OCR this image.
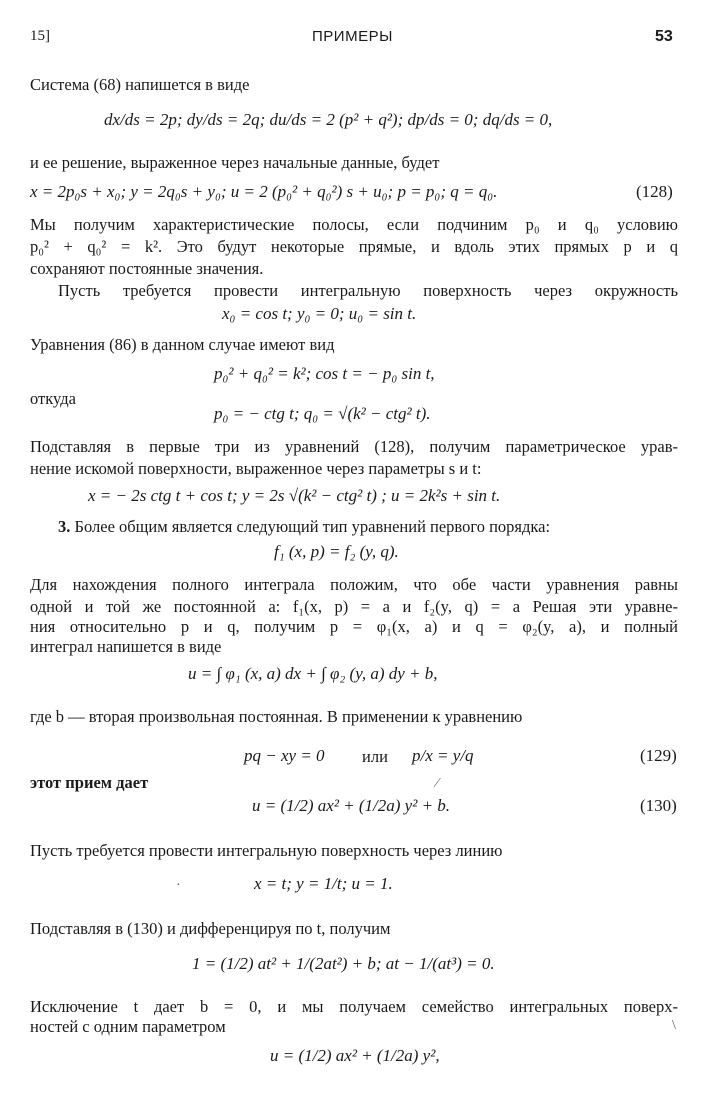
15]	ПРИМЕРЫ	53
Система (68) напишется в виде
dx/ds = 2p; dy/ds = 2q; du/ds = 2 (p² + q²); dp/ds = 0; dq/ds = 0,
и ее решение, выраженное через начальные данные, будет
x = 2p₀s + x₀; y = 2q₀s + y₀; u = 2 (p₀² + q₀²) s + u₀; p = p₀; q = q₀.	(128)
Мы получим характеристические полосы, если подчиним p₀ и q₀ условию
p₀² + q₀² = k². Это будут некоторые прямые, и вдоль этих прямых p и q
сохраняют постоянные значения.
Пусть требуется провести интегральную поверхность через окружность
x₀ = cos t; y₀ = 0; u₀ = sin t.
Уравнения (86) в данном случае имеют вид
p₀² + q₀² = k²; cos t = − p₀ sin t,
откуда
p₀ = − ctg t; q₀ = √(k² − ctg² t).
Подставляя в первые три из уравнений (128), получим параметрическое урав-
нение искомой поверхности, выраженное через параметры s и t:
x = − 2s ctg t + cos t; y = 2s √(k² − ctg² t) ; u = 2k²s + sin t.
3. Более общим является следующий тип уравнений первого порядка:
f₁ (x, p) = f₂ (y, q).
Для нахождения полного интеграла положим, что обе части уравнения равны
одной и той же постоянной a: f₁(x, p) = a и f₂(y, q) = a Решая эти уравне-
ния относительно p и q, получим p = φ₁(x, a) и q = φ₂(y, a), и полный
интеграл напишется в виде
u = ∫ φ₁ (x, a) dx + ∫ φ₂ (y, a) dy + b,
где b — вторая произвольная постоянная. В применении к уравнению
pq − xy = 0 или p/x = y/q	(129)
этот прием дает	⁄
u = (1/2) ax² + (1/2a) y² + b.	(130)
Пусть требуется провести интегральную поверхность через линию
·	x = t; y = 1/t; u = 1.
Подставляя в (130) и дифференцируя по t, получим
1 = (1/2) at² + 1/(2at²) + b; at − 1/(at³) = 0.
Исключение t дает b = 0, и мы получаем семейство интегральных поверх-
ностей с одним параметром	\
u = (1/2) ax² + (1/2a) y²,
